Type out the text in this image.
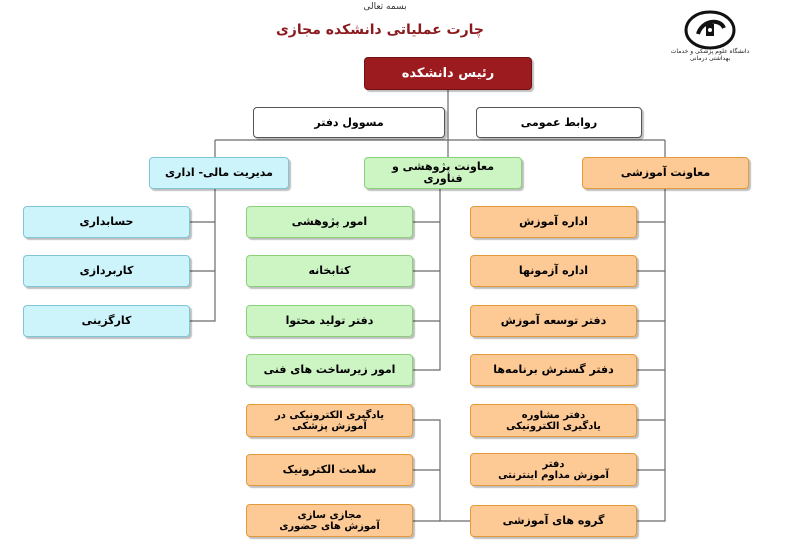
بسمه تعالی
چارت عملیاتی دانشکده مجازی
دانشگاه علوم پزشکی و خدمات بهداشتی درمانی
رئیس دانشکده
مسوول دفتر	روابط عمومی
معاونت آموزشی
معاونت پژوهشی و فناوری
مدیریت مالی- اداری
اداره آموزش
اداره آزمونها
دفتر توسعه آموزش
دفتر گسترش برنامه‌ها
دفتر مشاوره
یادگیری الکترونیکی
دفتر
آموزش مداوم اینترنتی
گروه های آموزشی
امور پژوهشی
کتابخانه
دفتر تولید محتوا
امور زیرساخت های فنی
یادگیری الکترونیکی در
آموزش پزشکی
سلامت الکترونیک
مجازی سازی
آموزش های حضوری
حسابداری
کاربردازی
کارگزینی
